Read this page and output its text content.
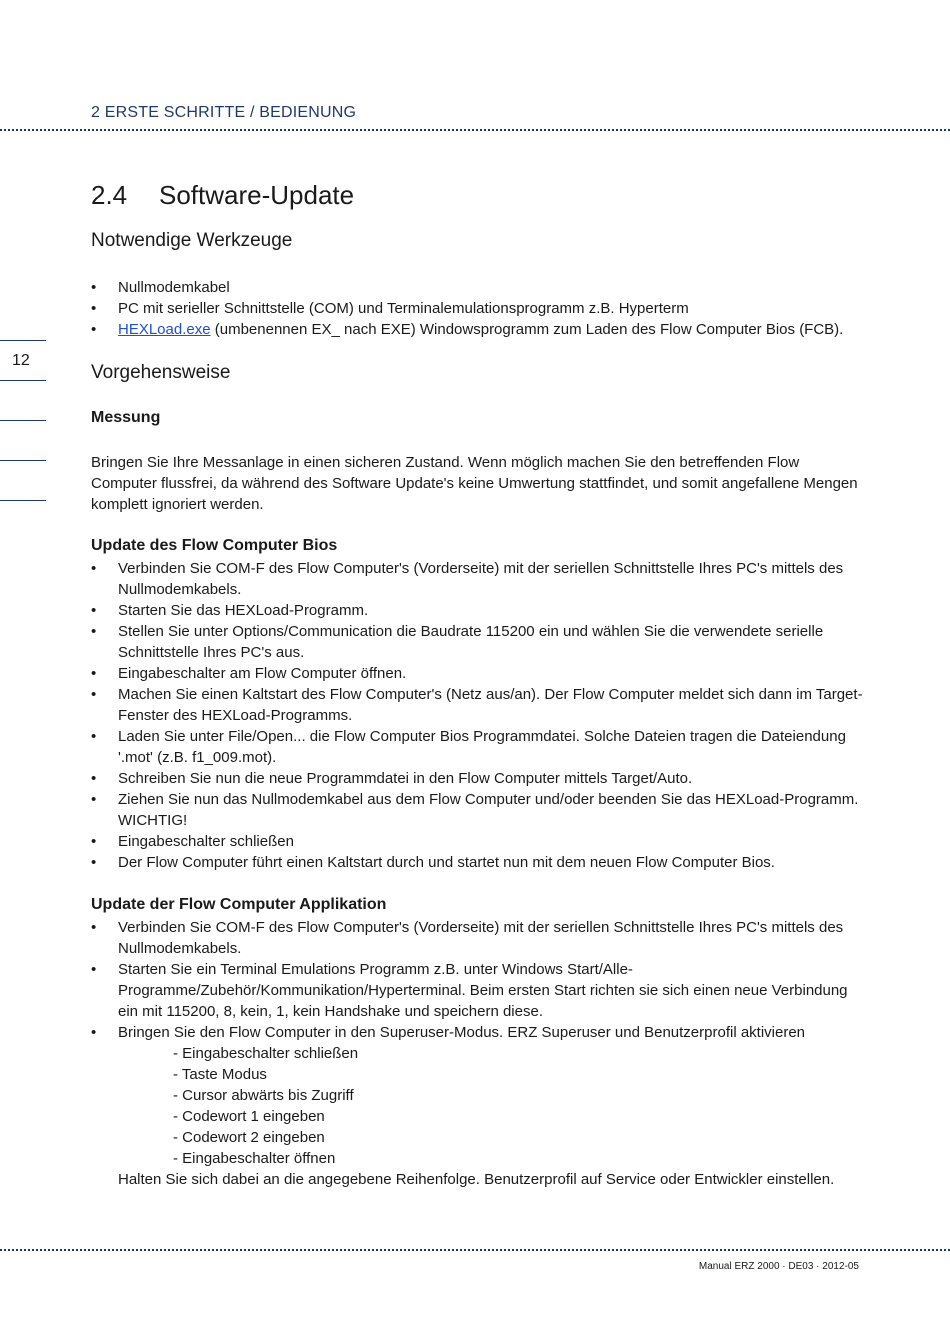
2 ERSTE SCHRITTE / BEDIENUNG
12
2.4 Software-Update
Notwendige Werkzeuge
•	Nullmodemkabel
•	PC mit serieller Schnittstelle (COM) und Terminalemulationsprogramm z.B. Hyperterm
•	HEXLoad.exe (umbenennen EX_ nach EXE) Windowsprogramm zum Laden des Flow Computer Bios (FCB).
Vorgehensweise
Messung
Bringen Sie Ihre Messanlage in einen sicheren Zustand. Wenn möglich machen Sie den betreffenden Flow Computer flussfrei, da während des Software Update's keine Umwertung stattfindet, und somit angefallene Mengen komplett ignoriert werden.
Update des Flow Computer Bios
•	Verbinden Sie COM-F des Flow Computer's (Vorderseite) mit der seriellen Schnittstelle Ihres PC's mittels des Nullmodemkabels.
•	Starten Sie das HEXLoad-Programm.
•	Stellen Sie unter Options/Communication die Baudrate 115200 ein und wählen Sie die verwendete serielle Schnittstelle Ihres PC's aus.
•	Eingabeschalter am Flow Computer öffnen.
•	Machen Sie einen Kaltstart des Flow Computer's (Netz aus/an). Der Flow Computer meldet sich dann im Target-Fenster des HEXLoad-Programms.
•	Laden Sie unter File/Open... die Flow Computer Bios Programmdatei. Solche Dateien tragen die Dateiendung '.mot' (z.B. f1_009.mot).
•	Schreiben Sie nun die neue Programmdatei in den Flow Computer mittels Target/Auto.
•	Ziehen Sie nun das Nullmodemkabel aus dem Flow Computer und/oder beenden Sie das HEXLoad-Programm. WICHTIG!
•	Eingabeschalter schließen
•	Der Flow Computer führt einen Kaltstart durch und startet nun mit dem neuen Flow Computer Bios.
Update der Flow Computer Applikation
•	Verbinden Sie COM-F des Flow Computer's (Vorderseite) mit der seriellen Schnittstelle Ihres PC's mittels des Nullmodemkabels.
•	Starten Sie ein Terminal Emulations Programm z.B. unter Windows Start/Alle-Programme/Zubehör/Kommunikation/Hyperterminal. Beim ersten Start richten sie sich einen neue Verbindung ein mit 115200, 8, kein, 1, kein Handshake und speichern diese.
•	Bringen Sie den Flow Computer in den Superuser-Modus. ERZ Superuser und Benutzerprofil aktivieren
- Eingabeschalter schließen
- Taste Modus
- Cursor abwärts bis Zugriff
- Codewort 1 eingeben
- Codewort 2 eingeben
- Eingabeschalter öffnen
Halten Sie sich dabei an die angegebene Reihenfolge. Benutzerprofil auf Service oder Entwickler einstellen.
Manual ERZ 2000 · DE03 · 2012-05
